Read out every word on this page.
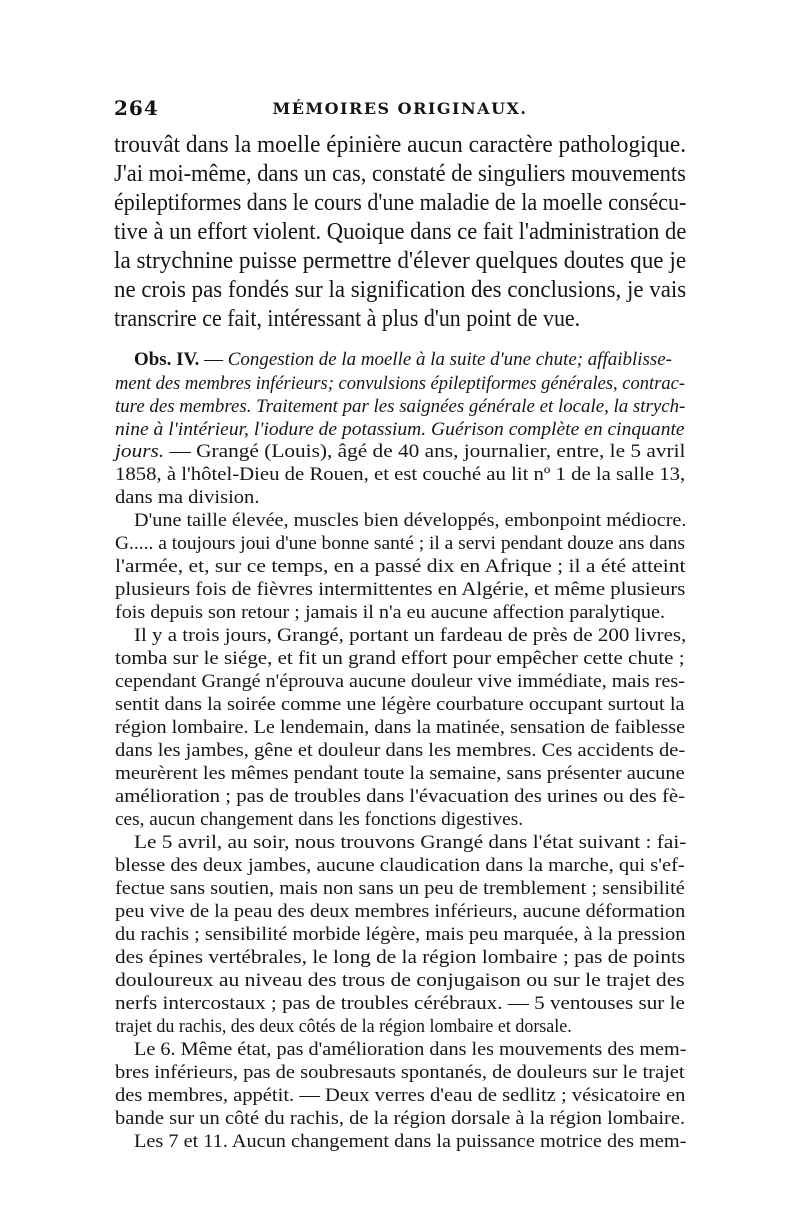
264	MÉMOIRES ORIGINAUX.
trouvât dans la moelle épinière aucun caractère pathologique.
J'ai moi-même, dans un cas, constaté de singuliers mouvements
épileptiformes dans le cours d'une maladie de la moelle consécu-
tive à un effort violent. Quoique dans ce fait l'administration de
la strychnine puisse permettre d'élever quelques doutes que je
ne crois pas fondés sur la signification des conclusions, je vais
transcrire ce fait, intéressant à plus d'un point de vue.
Obs. IV. — Congestion de la moelle à la suite d'une chute; affaiblisse-
ment des membres inférieurs; convulsions épileptiformes générales, contrac-
ture des membres. Traitement par les saignées générale et locale, la strych-
nine à l'intérieur, l'iodure de potassium. Guérison complète en cinquante
jours. — Grangé (Louis), âgé de 40 ans, journalier, entre, le 5 avril
1858, à l'hôtel-Dieu de Rouen, et est couché au lit nº 1 de la salle 13,
dans ma division.
D'une taille élevée, muscles bien développés, embonpoint médiocre.
G..... a toujours joui d'une bonne santé ; il a servi pendant douze ans dans
l'armée, et, sur ce temps, en a passé dix en Afrique ; il a été atteint
plusieurs fois de fièvres intermittentes en Algérie, et même plusieurs
fois depuis son retour ; jamais il n'a eu aucune affection paralytique.
Il y a trois jours, Grangé, portant un fardeau de près de 200 livres,
tomba sur le siége, et fit un grand effort pour empêcher cette chute ;
cependant Grangé n'éprouva aucune douleur vive immédiate, mais res-
sentit dans la soirée comme une légère courbature occupant surtout la
région lombaire. Le lendemain, dans la matinée, sensation de faiblesse
dans les jambes, gêne et douleur dans les membres. Ces accidents de-
meurèrent les mêmes pendant toute la semaine, sans présenter aucune
amélioration ; pas de troubles dans l'évacuation des urines ou des fè-
ces, aucun changement dans les fonctions digestives.
Le 5 avril, au soir, nous trouvons Grangé dans l'état suivant : fai-
blesse des deux jambes, aucune claudication dans la marche, qui s'ef-
fectue sans soutien, mais non sans un peu de tremblement ; sensibilité
peu vive de la peau des deux membres inférieurs, aucune déformation
du rachis ; sensibilité morbide légère, mais peu marquée, à la pression
des épines vertébrales, le long de la région lombaire ; pas de points
douloureux au niveau des trous de conjugaison ou sur le trajet des
nerfs intercostaux ; pas de troubles cérébraux. — 5 ventouses sur le
trajet du rachis, des deux côtés de la région lombaire et dorsale.
Le 6. Même état, pas d'amélioration dans les mouvements des mem-
bres inférieurs, pas de soubresauts spontanés, de douleurs sur le trajet
des membres, appétit. — Deux verres d'eau de sedlitz ; vésicatoire en
bande sur un côté du rachis, de la région dorsale à la région lombaire.
Les 7 et 11. Aucun changement dans la puissance motrice des mem-
